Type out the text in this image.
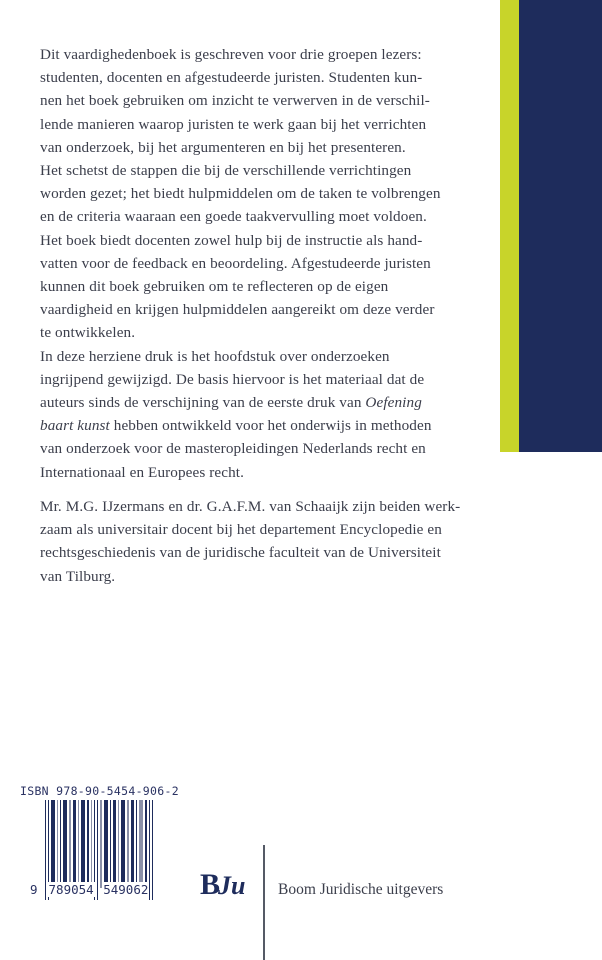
Dit vaardighedenboek is geschreven voor drie groepen lezers:
studenten, docenten en afgestudeerde juristen. Studenten kun-
nen het boek gebruiken om inzicht te verwerven in de verschil-
lende manieren waarop juristen te werk gaan bij het verrichten
van onderzoek, bij het argumenteren en bij het presenteren.
Het schetst de stappen die bij de verschillende verrichtingen
worden gezet; het biedt hulpmiddelen om de taken te volbrengen
en de criteria waaraan een goede taakvervulling moet voldoen.
Het boek biedt docenten zowel hulp bij de instructie als hand-
vatten voor de feedback en beoordeling. Afgestudeerde juristen
kunnen dit boek gebruiken om te reflecteren op de eigen
vaardigheid en krijgen hulpmiddelen aangereikt om deze verder
te ontwikkelen.
In deze herziene druk is het hoofdstuk over onderzoeken
ingrijpend gewijzigd. De basis hiervoor is het materiaal dat de
auteurs sinds de verschijning van de eerste druk van Oefening
baart kunst hebben ontwikkeld voor het onderwijs in methoden
van onderzoek voor de masteropleidingen Nederlands recht en
Internationaal en Europees recht.
Mr. M.G. IJzermans en dr. G.A.F.M. van Schaaijk zijn beiden werk-
zaam als universitair docent bij het departement Encyclopedie en
rechtsgeschiedenis van de juridische faculteit van de Universiteit
van Tilburg.
ISBN 978-90-5454-906-2
9 789054 549062 BJu Boom Juridische uitgevers
